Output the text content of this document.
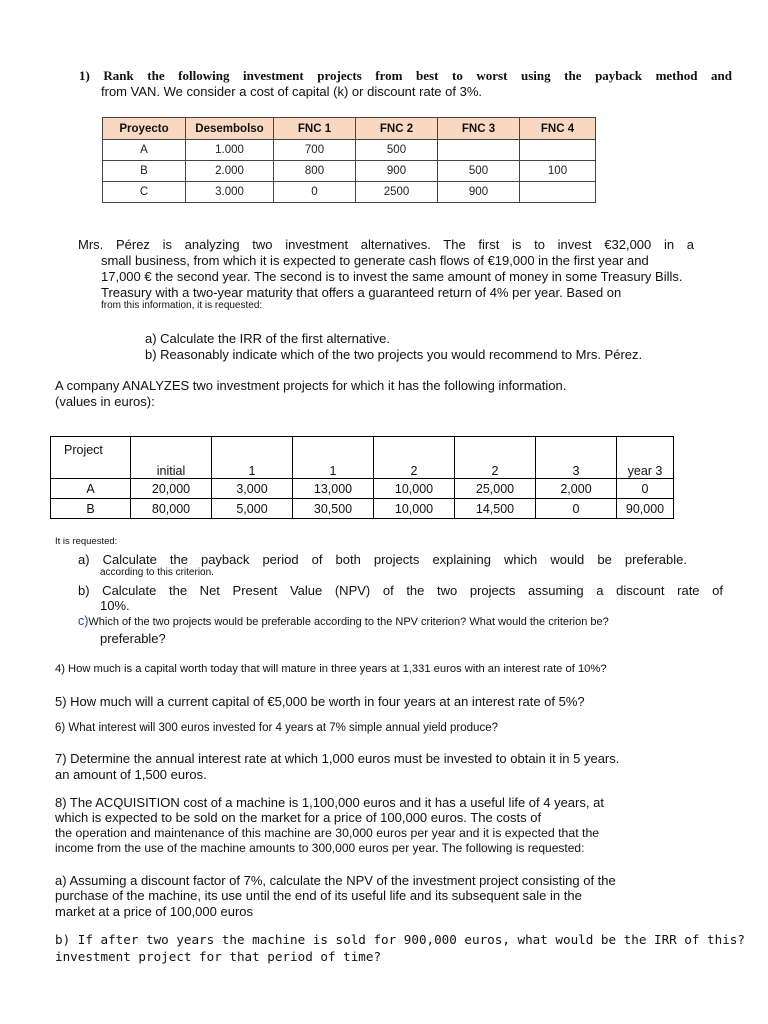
1) Rank the following investment projects from best to worst using the payback method and
from VAN. We consider a cost of capital (k) or discount rate of 3%.
Proyecto	Desembolso	FNC 1	FNC 2	FNC 3	FNC 4
A	1.000	700	500		
B	2.000	800	900	500	100
C	3.000	0	2500	900	
Mrs. Pérez is analyzing two investment alternatives. The first is to invest €32,000 in a
small business, from which it is expected to generate cash flows of €19,000 in the first year and
17,000 € the second year. The second is to invest the same amount of money in some Treasury Bills.
Treasury with a two-year maturity that offers a guaranteed return of 4% per year. Based on
from this information, it is requested:
a) Calculate the IRR of the first alternative.
b) Reasonably indicate which of the two projects you would recommend to Mrs. Pérez.
A company ANALYZES two investment projects for which it has the following information.
(values in euros):
Project							
	initial	1	1	2	2	3	year 3
A	20,000	3,000	13,000	10,000	25,000	2,000	0
B	80,000	5,000	30,500	10,000	14,500	0	90,000
It is requested:
a) Calculate the payback period of both projects explaining which would be preferable.
according to this criterion.
b) Calculate the Net Present Value (NPV) of the two projects assuming a discount rate of
10%.
c)Which of the two projects would be preferable according to the NPV criterion? What would the criterion be?
preferable?
4) How much is a capital worth today that will mature in three years at 1,331 euros with an interest rate of 10%?
5) How much will a current capital of €5,000 be worth in four years at an interest rate of 5%?
6) What interest will 300 euros invested for 4 years at 7% simple annual yield produce?
7) Determine the annual interest rate at which 1,000 euros must be invested to obtain it in 5 years.
an amount of 1,500 euros.
8) The ACQUISITION cost of a machine is 1,100,000 euros and it has a useful life of 4 years, at
which is expected to be sold on the market for a price of 100,000 euros. The costs of
the operation and maintenance of this machine are 30,000 euros per year and it is expected that the
income from the use of the machine amounts to 300,000 euros per year. The following is requested:
a) Assuming a discount factor of 7%, calculate the NPV of the investment project consisting of the
purchase of the machine, its use until the end of its useful life and its subsequent sale in the
market at a price of 100,000 euros
b) If after two years the machine is sold for 900,000 euros, what would be the IRR of this?
investment project for that period of time?
